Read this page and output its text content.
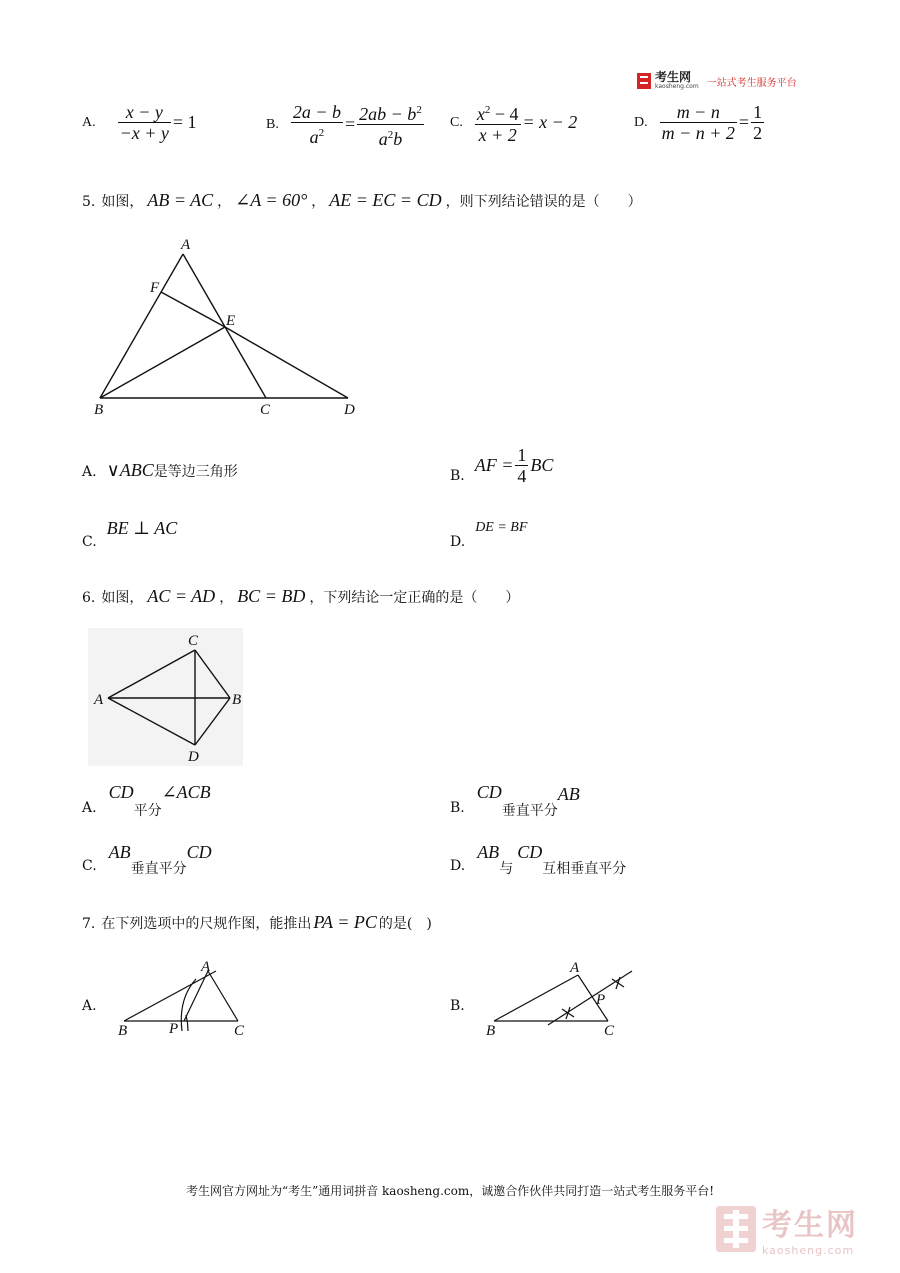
考生网
kaosheng.com 一站式考生服务平台
A. $\frac{x - y}{-x + y} = 1$	B. $\frac{2a - b}{a^2} = \frac{2ab - b^2}{a^2b} C$. $\frac{x^2 - 4}{x + 2} = x - 2$	D. $\frac{m - n}{m - n + 2} = \frac{1}{2}$
5. 如图， AB = AC ， ∠A = 60° ， AE = EC = CD ，则下列结论错误的是（　　）
A
F
E
B	C	D
A. ∨ABC 是等边三角形	B.
AF = $\frac{1}{4}$ BC
C.
BE ⊥ AC
D.
DE = BF
6. 如图， AC = AD ， BC = BD ，下列结论一定正确的是（　　）
C
A	B
D
A.
CD
平分
∠ACB
B.
CD
垂直平分
AB
C.
AB
垂直平分
CD
D.
AB
与
CD
互相垂直平分
7. 在下列选项中的尺规作图，能推出 PA = PC 的是(　)
A.
A
B	P	C
B.
A
P
B	C
考生网官方网址为“考生”通用词拼音 kaosheng.com，诚邀合作伙伴共同打造一站式考生服务平台!
考生网
kaosheng.com
